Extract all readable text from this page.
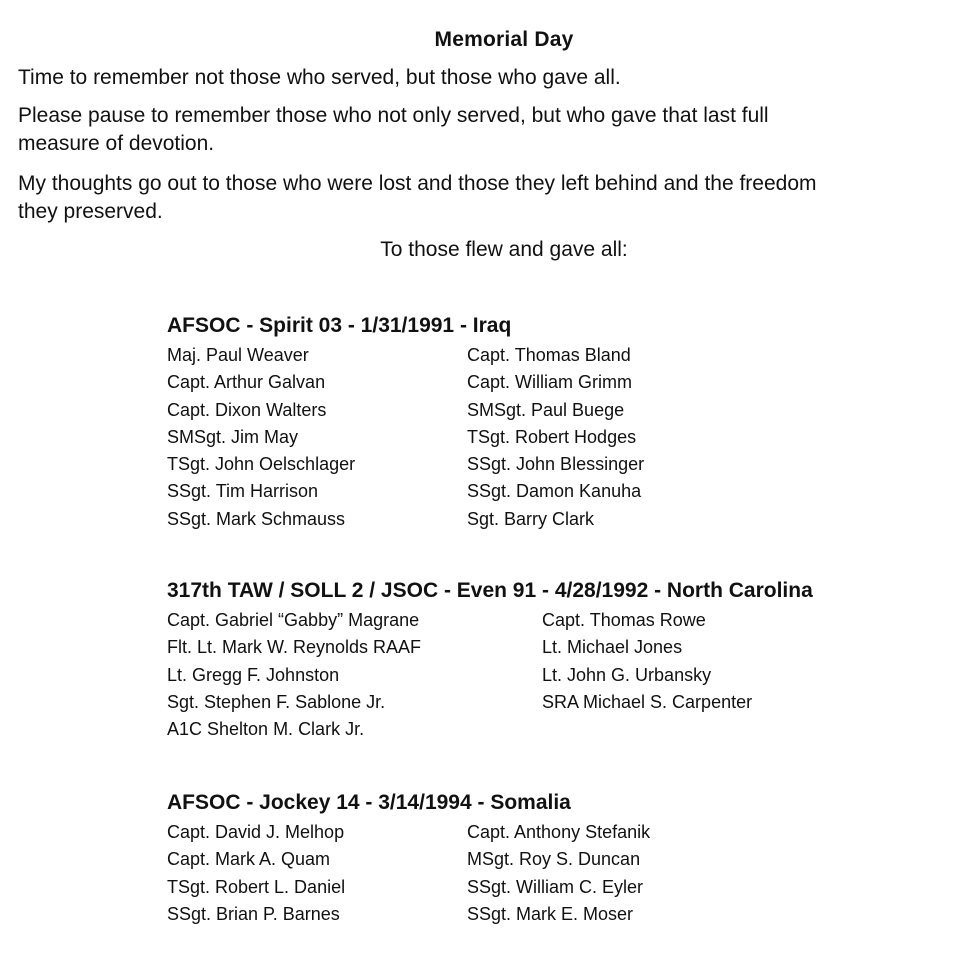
Memorial Day
Time to remember not those who served, but those who gave all.
Please pause to remember those who not only served, but who gave that last full
measure of devotion.
My thoughts go out to those who were lost and those they left behind and the freedom
they preserved.
To those flew and gave all:
AFSOC - Spirit 03 - 1/31/1991 - Iraq
Maj. Paul Weaver
Capt. Arthur Galvan
Capt. Dixon Walters
SMSgt. Jim May
TSgt. John Oelschlager
SSgt. Tim Harrison
SSgt. Mark Schmauss
Capt. Thomas Bland
Capt. William Grimm
SMSgt. Paul Buege
TSgt. Robert Hodges
SSgt. John Blessinger
SSgt. Damon Kanuha
Sgt. Barry Clark
317th TAW / SOLL 2 / JSOC - Even 91 - 4/28/1992 - North Carolina
Capt. Gabriel “Gabby” Magrane
Flt. Lt. Mark W. Reynolds RAAF
Lt. Gregg F. Johnston
Sgt. Stephen F. Sablone Jr.
A1C Shelton M. Clark Jr.
Capt. Thomas Rowe
Lt. Michael Jones
Lt. John G. Urbansky
SRA Michael S. Carpenter
AFSOC - Jockey 14 - 3/14/1994 - Somalia
Capt. David J. Melhop
Capt. Mark A. Quam
TSgt. Robert L. Daniel
SSgt. Brian P. Barnes
Capt. Anthony Stefanik
MSgt. Roy S. Duncan
SSgt. William C. Eyler
SSgt. Mark E. Moser
